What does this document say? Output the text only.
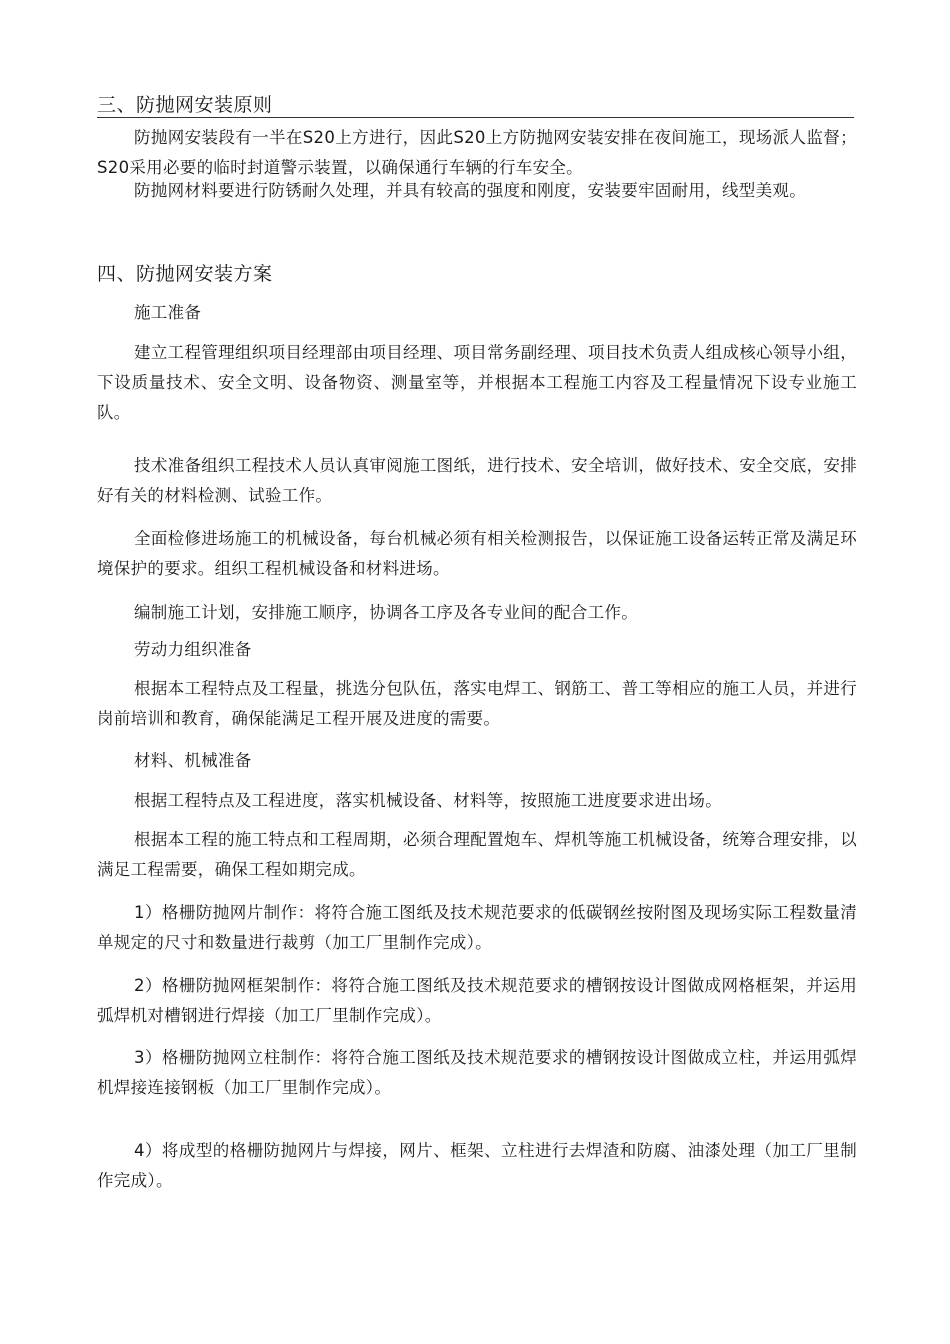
三、防抛网安装原则

防抛网安装段有一半在S20上方进行，因此S20上方防抛网安装安排在夜间施工，现场派人监督；S20采用必要的临时封道警示装置，以确保通行车辆的行车安全。

防抛网材料要进行防锈耐久处理，并具有较高的强度和刚度，安装要牢固耐用，线型美观。

四、防抛网安装方案

施工准备

建立工程管理组织项目经理部由项目经理、项目常务副经理、项目技术负责人组成核心领导小组，下设质量技术、安全文明、设备物资、测量室等，并根据本工程施工内容及工程量情况下设专业施工队。

技术准备组织工程技术人员认真审阅施工图纸，进行技术、安全培训，做好技术、安全交底，安排好有关的材料检测、试验工作。

全面检修进场施工的机械设备，每台机械必须有相关检测报告，以保证施工设备运转正常及满足环境保护的要求。组织工程机械设备和材料进场。

编制施工计划，安排施工顺序，协调各工序及各专业间的配合工作。

劳动力组织准备

根据本工程特点及工程量，挑选分包队伍，落实电焊工、钢筋工、普工等相应的施工人员，并进行岗前培训和教育，确保能满足工程开展及进度的需要。

材料、机械准备

根据工程特点及工程进度，落实机械设备、材料等，按照施工进度要求进出场。

根据本工程的施工特点和工程周期，必须合理配置炮车、焊机等施工机械设备，统筹合理安排，以满足工程需要，确保工程如期完成。

1）格栅防抛网片制作：将符合施工图纸及技术规范要求的低碳钢丝按附图及现场实际工程数量清单规定的尺寸和数量进行裁剪（加工厂里制作完成）。

2）格栅防抛网框架制作：将符合施工图纸及技术规范要求的槽钢按设计图做成网格框架，并运用弧焊机对槽钢进行焊接（加工厂里制作完成）。

3）格栅防抛网立柱制作：将符合施工图纸及技术规范要求的槽钢按设计图做成立柱，并运用弧焊机焊接连接钢板（加工厂里制作完成）。

4）将成型的格栅防抛网片与焊接，网片、框架、立柱进行去焊渣和防腐、油漆处理（加工厂里制作完成）。
